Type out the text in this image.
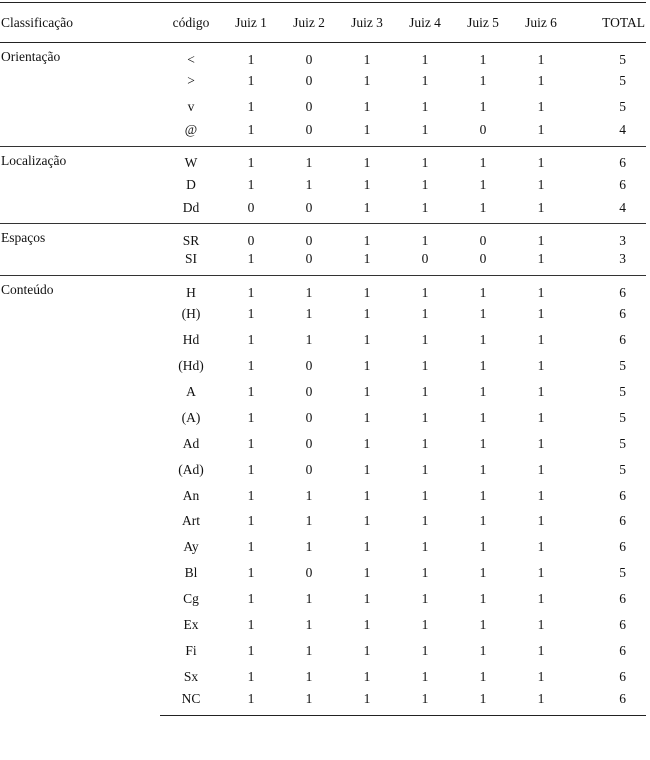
Classificação	código	Juiz 1	Juiz 2	Juiz 3	Juiz 4	Juiz 5	Juiz 6	TOTAL
Orientação	<	1	0	1	1	1	1	5
	>	1	0	1	1	1	1	5
	v	1	0	1	1	1	1	5
	@	1	0	1	1	0	1	4
Localização	W	1	1	1	1	1	1	6
	D	1	1	1	1	1	1	6
	Dd	0	0	1	1	1	1	4
Espaços	SR	0	0	1	1	0	1	3
	SI	1	0	1	0	0	1	3
Conteúdo	H	1	1	1	1	1	1	6
	(H)	1	1	1	1	1	1	6
	Hd	1	1	1	1	1	1	6
	(Hd)	1	0	1	1	1	1	5
	A	1	0	1	1	1	1	5
	(A)	1	0	1	1	1	1	5
	Ad	1	0	1	1	1	1	5
	(Ad)	1	0	1	1	1	1	5
	An	1	1	1	1	1	1	6
	Art	1	1	1	1	1	1	6
	Ay	1	1	1	1	1	1	6
	Bl	1	0	1	1	1	1	5
	Cg	1	1	1	1	1	1	6
	Ex	1	1	1	1	1	1	6
	Fi	1	1	1	1	1	1	6
	Sx	1	1	1	1	1	1	6
	NC	1	1	1	1	1	1	6
